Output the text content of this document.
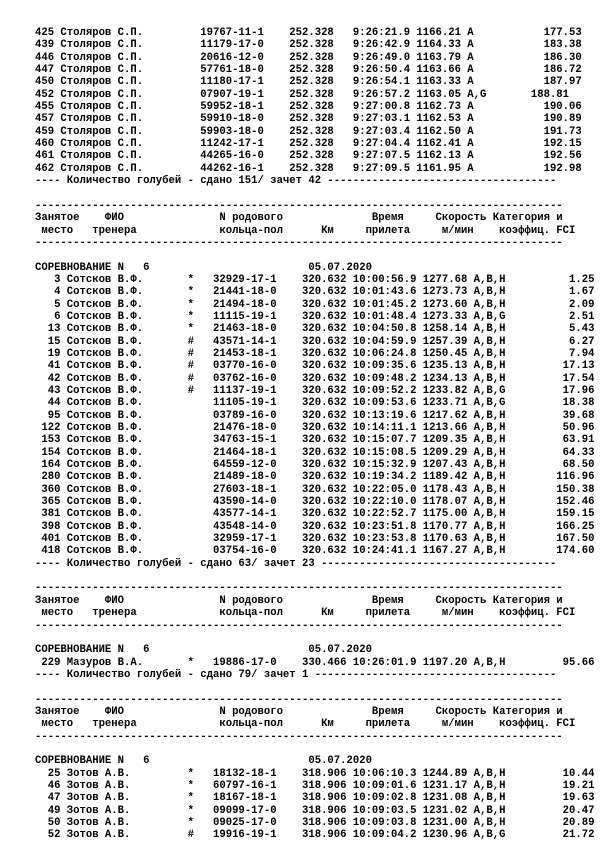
425 Столяров С.П.         19767-11-1    252.328   9:26:21.9 1166.21 А           177.53
439 Столяров С.П.         11179-17-0    252.328   9:26:42.9 1164.33 А           183.38
446 Столяров С.П.         20616-12-0    252.328   9:26:49.0 1163.79 А           186.30
447 Столяров С.П.         57761-18-0    252.328   9:26:50.4 1163.66 А           186.72
450 Столяров С.П.         11180-17-1    252.328   9:26:54.1 1163.33 А           187.97
452 Столяров С.П.         07907-19-1    252.328   9:26:57.2 1163.05 А,G       188.81
455 Столяров С.П.         59952-18-1    252.328   9:27:00.8 1162.73 А           190.06
457 Столяров С.П.         59910-18-0    252.328   9:27:03.1 1162.53 А           190.89
459 Столяров С.П.         59903-18-0    252.328   9:27:03.4 1162.50 А           191.73
460 Столяров С.П.         11242-17-1    252.328   9:27:04.4 1162.41 А           192.15
461 Столяров С.П.         44265-16-0    252.328   9:27:07.5 1162.13 А           192.56
462 Столяров С.П.         44262-16-1    252.328   9:27:09.5 1161.95 А           192.98
---- Количество голубей - сдано 151/ зачет 42 ------------------------------------
-----------------------------------------------------------------------------------
Занятое    ФИО               N родового              Время     Скорость Категория и
место   тренера             кольца-пол      Км     прилета     м/мин    коэффиц. FCI
-----------------------------------------------------------------------------------
СОРЕВНОВАНИЕ N   6                         05.07.2020
3 Сотсков В.Ф.       *   32929-17-1    320.632 10:00:56.9 1277.68 А,В,Н          1.25
4 Сотсков В.Ф.       *   21441-18-0    320.632 10:01:43.6 1273.73 А,В,Н          1.67
5 Сотсков В.Ф.       *   21494-18-0    320.632 10:01:45.2 1273.60 А,В,Н          2.09
6 Сотсков В.Ф.       *   11115-19-1    320.632 10:01:48.4 1273.33 А,В,G          2.51
13 Сотсков В.Ф.       *   21463-18-0    320.632 10:04:50.8 1258.14 А,В,Н          5.43
15 Сотсков В.Ф.       #   43571-14-1    320.632 10:04:59.9 1257.39 А,В,Н          6.27
19 Сотсков В.Ф.       #   21453-18-1    320.632 10:06:24.8 1250.45 А,В,Н          7.94
41 Сотсков В.Ф.       #   03770-16-0    320.632 10:09:35.6 1235.13 А,В,Н         17.13
42 Сотсков В.Ф.       #   03762-16-0    320.632 10:09:48.2 1234.13 А,В,Н         17.54
43 Сотсков В.Ф.       #   11137-19-1    320.632 10:09:52.2 1233.82 А,В,G         17.96
44 Сотсков В.Ф.           11105-19-1    320.632 10:09:53.6 1233.71 А,В,G         18.38
95 Сотсков В.Ф.           03789-16-0    320.632 10:13:19.6 1217.62 А,В,Н         39.68
122 Сотсков В.Ф.           21476-18-0    320.632 10:14:11.1 1213.66 А,В,Н         50.96
153 Сотсков В.Ф.           34763-15-1    320.632 10:15:07.7 1209.35 А,В,Н         63.91
154 Сотсков В.Ф.           21464-18-1    320.632 10:15:08.5 1209.29 А,В,Н         64.33
164 Сотсков В.Ф.           64559-12-0    320.632 10:15:32.9 1207.43 А,В,Н         68.50
280 Сотсков В.Ф.           21489-18-0    320.632 10:19:34.2 1189.42 А,В,Н        116.96
360 Сотсков В.Ф.           27603-18-1    320.632 10:22:05.0 1178.43 А,В,Н        150.38
365 Сотсков В.Ф.           43590-14-0    320.632 10:22:10.0 1178.07 А,В,Н        152.46
381 Сотсков В.Ф.           43577-14-1    320.632 10:22:52.7 1175.00 А,В,Н        159.15
398 Сотсков В.Ф.           43548-14-0    320.632 10:23:51.8 1170.77 А,В,Н        166.25
401 Сотсков В.Ф.           32959-17-1    320.632 10:23:53.8 1170.63 А,В,Н        167.50
418 Сотсков В.Ф.           03754-16-0    320.632 10:24:41.1 1167.27 А,В,Н        174.60
---- Количество голубей - сдано 63/ зачет 23 -------------------------------------
-----------------------------------------------------------------------------------
Занятое    ФИО               N родового              Время     Скорость Категория и
место   тренера             кольца-пол      Км     прилета     м/мин    коэффиц. FCI
-----------------------------------------------------------------------------------
СОРЕВНОВАНИЕ N   6                         05.07.2020
229 Мазуров В.А.       *   19886-17-0    330.466 10:26:01.9 1197.20 А,В,Н         95.66
---- Количество голубей - сдано 79/ зачет 1 --------------------------------------
-----------------------------------------------------------------------------------
Занятое    ФИО               N родового              Время     Скорость Категория и
место   тренера             кольца-пол      Км     прилета     м/мин    коэффиц. FCI
-----------------------------------------------------------------------------------
СОРЕВНОВАНИЕ N   6                         05.07.2020
25 Зотов А.В.         *   18132-18-1    318.906 10:06:10.3 1244.89 А,В,Н         10.44
46 Зотов А.В.         *   60797-16-1    318.906 10:09:01.6 1231.17 А,В,Н         19.21
47 Зотов А.В.         *   18167-18-1    318.906 10:09:02.8 1231.08 А,В,Н         19.63
49 Зотов А.В.         *   09099-17-0    318.906 10:09:03.5 1231.02 А,В,Н         20.47
50 Зотов А.В.         *   09025-17-0    318.906 10:09:03.8 1231.00 А,В,Н         20.89
52 Зотов А.В.         #   19916-19-1    318.906 10:09:04.2 1230.96 А,В,G         21.72
